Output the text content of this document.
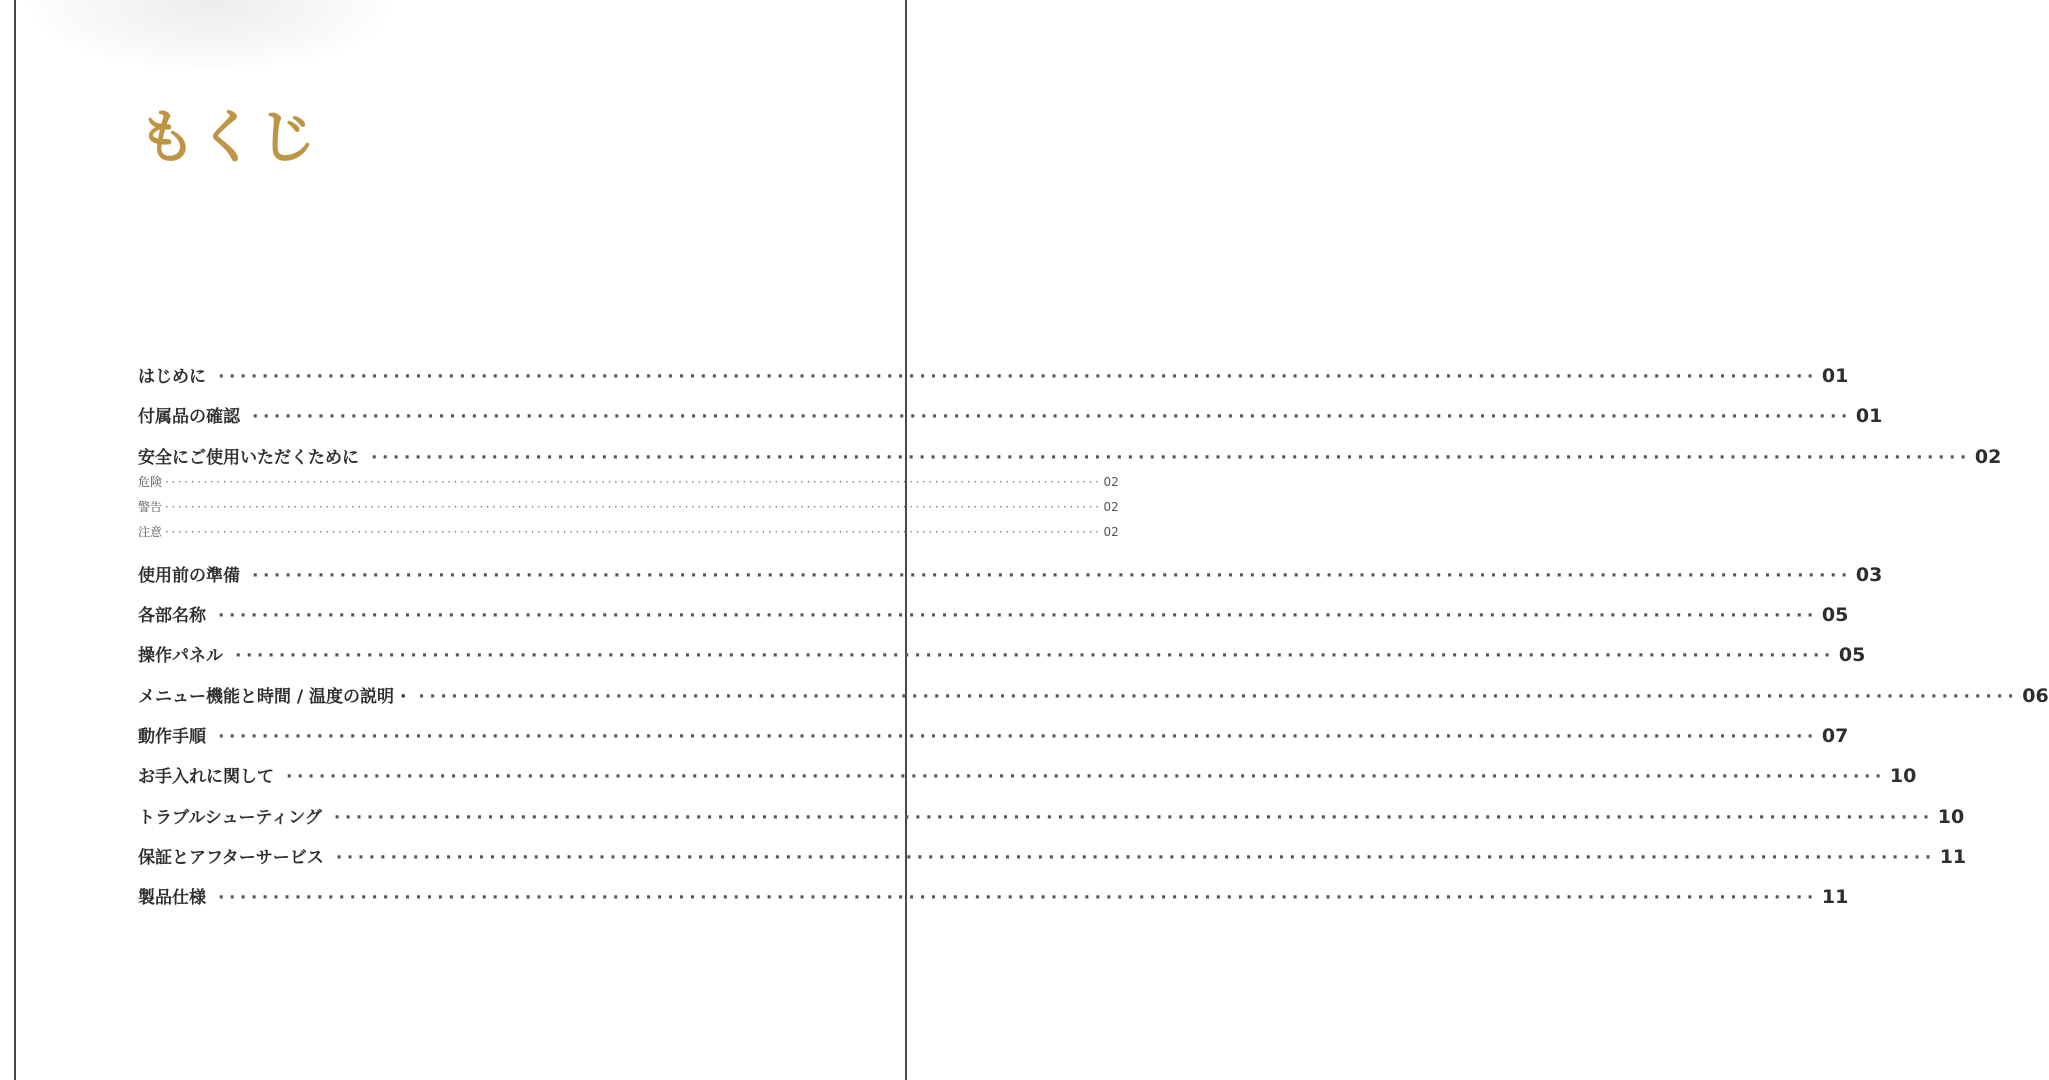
もくじ
はじめに ·················································································································································· 01
付属品の確認 ·················································································································································· 01
安全にご使用いただくために ·················································································································································· 02
危険 ·················································································································································· 02
警告 ·················································································································································· 02
注意 ·················································································································································· 02
使用前の準備 ·················································································································································· 03
各部名称 ·················································································································································· 05
操作パネル ·················································································································································· 05
メニュー機能と時間 / 温度の説明 · ·················································································································································· 06
動作手順 ·················································································································································· 07
お手入れに関して ·················································································································································· 10
トラブルシューティング ·················································································································································· 10
保証とアフターサービス ·················································································································································· 11
製品仕様 ·················································································································································· 11
